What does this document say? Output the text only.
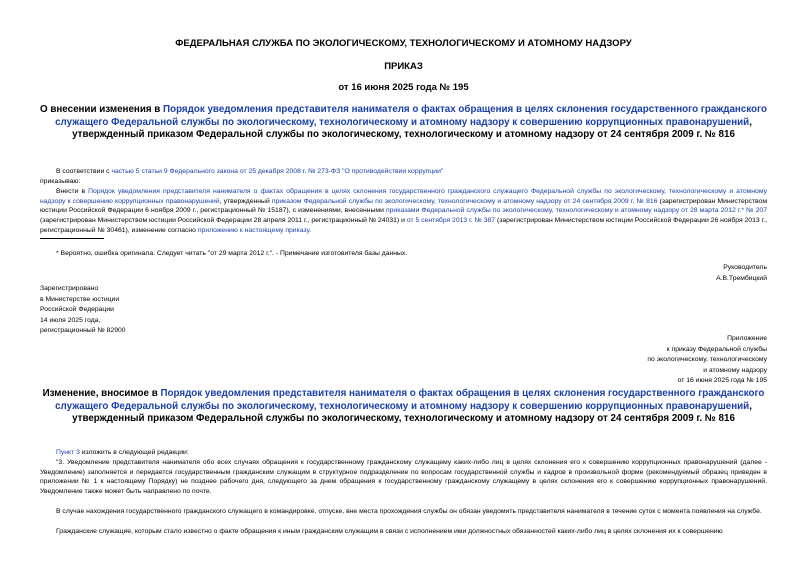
ФЕДЕРАЛЬНАЯ СЛУЖБА ПО ЭКОЛОГИЧЕСКОМУ, ТЕХНОЛОГИЧЕСКОМУ И АТОМНОМУ НАДЗОРУ
ПРИКАЗ
от 16 июня 2025 года № 195
О внесении изменения в Порядок уведомления представителя нанимателя о фактах обращения в целях склонения государственного гражданского служащего Федеральной службы по экологическому, технологическому и атомному надзору к совершению коррупционных правонарушений, утвержденный приказом Федеральной службы по экологическому, технологическому и атомному надзору от 24 сентября 2009 г. № 816
В соответствии с частью 5 статьи 9 Федерального закона от 25 декабря 2008 г. № 273-ФЗ "О противодействии коррупции"
приказываю:
Внести в Порядок уведомления представителя нанимателя о фактах обращения в целях склонения государственного гражданского служащего Федеральной службы по экологическому, технологическому и атомному надзору к совершению коррупционных правонарушений, утвержденный приказом Федеральной службы по экологическому, технологическому и атомному надзору от 24 сентября 2009 г. № 816 (зарегистрирован Министерством юстиции Российской Федерации 6 ноября 2009 г., регистрационный № 15187), с изменениями, внесенными приказами Федеральной службы по экологическому, технологическому и атомному надзору от 28 марта 2012 г.* № 207 (зарегистрирован Министерством юстиции Российской Федерации 28 апреля 2011 г., регистрационный № 24031) и от 5 сентября 2013 г. № 387 (зарегистрирован Министерством юстиции Российской Федерации 26 ноября 2013 г., регистрационный № 30461), изменение согласно приложению к настоящему приказу.
* Вероятно, ошибка оригинала. Следует читать "от 29 марта 2012 г.". - Примечание изготовителя базы данных.
Руководитель
А.В.Трембицкий
Зарегистрировано
в Министерстве юстиции
Российской Федерации
14 июля 2025 года,
регистрационный № 82900
Приложение
к приказу Федеральной службы
по экологическому, технологическому
и атомному надзору
от 16 июня 2025 года № 195
Изменение, вносимое в Порядок уведомления представителя нанимателя о фактах обращения в целях склонения государственного гражданского служащего Федеральной службы по экологическому, технологическому и атомному надзору к совершению коррупционных правонарушений, утвержденный приказом Федеральной службы по экологическому, технологическому и атомному надзору от 24 сентября 2009 г. № 816
Пункт 3 изложить в следующей редакции:
"3. Уведомление представителя нанимателя обо всех случаях обращения к государственному гражданскому служащему каких-либо лиц в целях склонения его к совершению коррупционных правонарушений (далее - Уведомление) заполняется и передается государственным гражданским служащим в структурное подразделение по вопросам государственной службы и кадров в произвольной форме (рекомендуемый образец приведен в приложении № 1 к настоящему Порядку) не позднее рабочего дня, следующего за днем обращения к государственному гражданскому служащему в целях склонения его к совершению коррупционных правонарушений. Уведомление также может быть направлено по почте.
В случае нахождения государственного гражданского служащего в командировке, отпуске, вне места прохождения службы он обязан уведомить представителя нанимателя в течение суток с момента появления на службе.
Гражданские служащие, которым стало известно о факте обращения к иным гражданским служащим в связи с исполнением ими должностных обязанностей каких-либо лиц в целях склонения их к совершению
